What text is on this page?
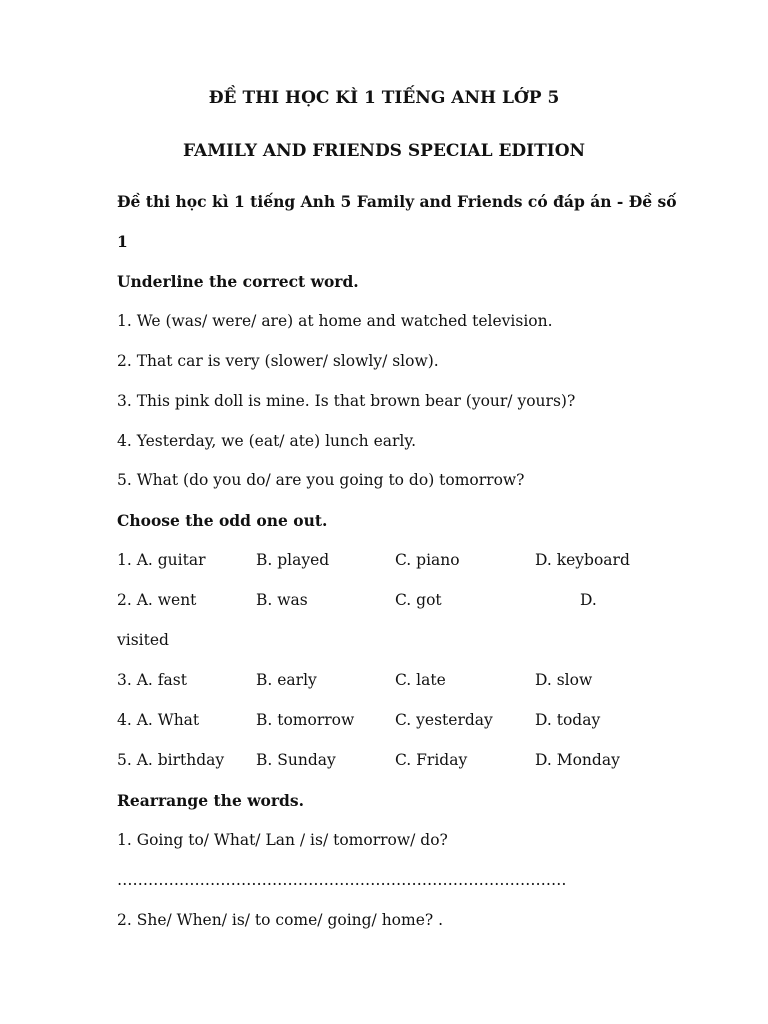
ĐỀ THI HỌC KÌ 1 TIẾNG ANH LỚP 5
FAMILY AND FRIENDS SPECIAL EDITION

Đề thi học kì 1 tiếng Anh 5 Family and Friends có đáp án - Đề số

1

Underline the correct word.

1. We (was/ were/ are) at home and watched television.

2. That car is very (slower/ slowly/ slow).

3. This pink doll is mine. Is that brown bear (your/ yours)?

4. Yesterday, we (eat/ ate) lunch early.

5. What (do you do/ are you going to do) tomorrow?

Choose the odd one out.

1. A. guitar	B. played	C. piano	D. keyboard
2. A. went	B. was	C. got	D.

visited

3. A. fast	B. early	C. late	D. slow
4. A. What	B. tomorrow	C. yesterday	D. today
5. A. birthday B. Sunday	C. Friday	D. Monday

Rearrange the words.

1. Going to/ What/ Lan / is/ tomorrow/ do?

……………………………………………………………………………

2. She/ When/ is/ to come/ going/ home? .
